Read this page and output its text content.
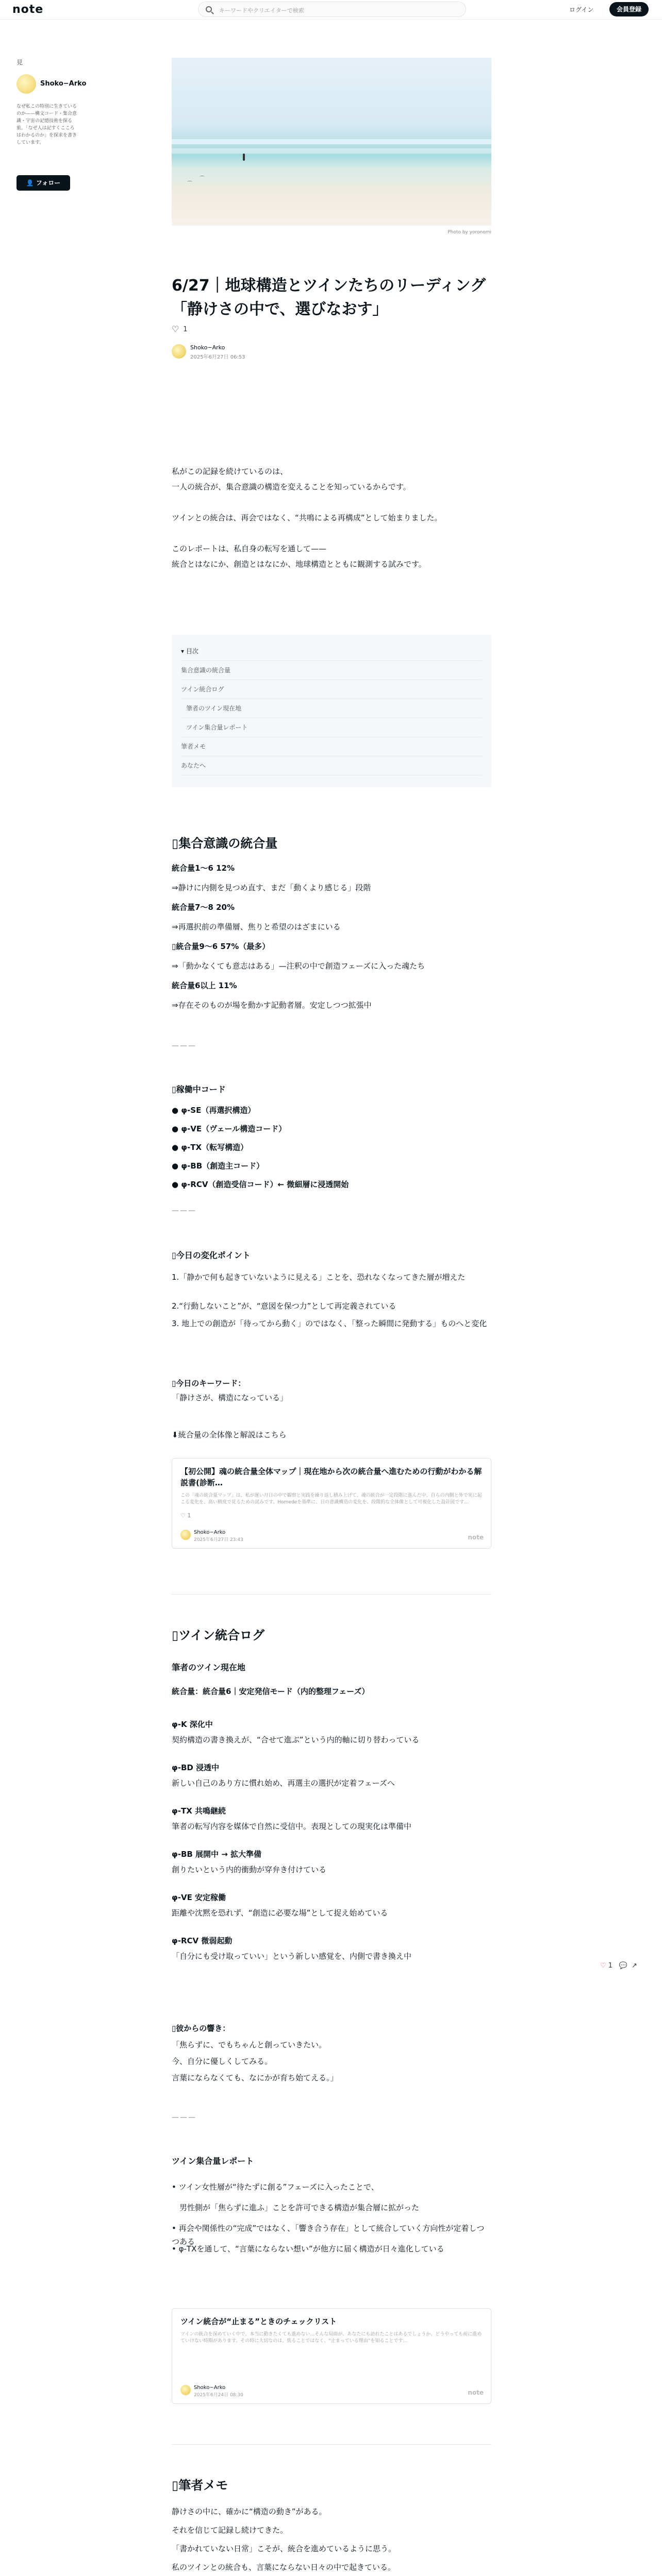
note	キーワードやクリエイターで検索	ログイン	会員登録
見
Shoko−Arko
なぜ私この特別に生きているのか——構文コード・集合意識・宇宙の記憶技術を探る旅。「なぜ人は記すくこころはわかるのか」を探求を書きしています。
👤 フォロー	⌒
⌒
Photo by yoronomi
6/27｜地球構造とツインたちのリーディング「静けさの中で、選びなおす」
♡  1
Shoko−Arko
2025年6月27日 06:53
私がこの記録を続けているのは、
一人の統合が、集合意識の構造を変えることを知っているからです。
ツインとの統合は、再会ではなく、“共鳴による再構成”として始まりました。
このレポートは、私自身の転写を通して——
統合とはなにか、創造とはなにか、地球構造とともに観測する試みです。
▾ 目次
集合意識の統合量
ツイン統合ログ
筆者のツイン現在地
ツイン集合量レポート
筆者メモ
あなたへ
▯集合意識の統合量
統合量1〜6 12%
⇒静けに内側を見つめ直す、まだ「動くより感じる」段階
統合量7〜8 20%
⇒再選択前の準備層、焦りと希望のはざまにいる
▯統合量9〜6 57%（最多）
⇒「動かなくても意志はある」—注釈の中で創造フェーズに入った魂たち
統合量6以上 11%
⇒存在そのものが場を動かす記動者層。安定しつつ拡張中
———
▯稼働中コード
● φ-SE（再選択構造）
● φ-VE（ヴェール構造コード）
● φ-TX（転写構造）
● φ-BB（創造主コード）
● φ-RCV（創造受信コード）← 微細層に浸透開始
———
▯今日の変化ポイント
1.「静かで何も起きていないように見える」ことを、恐れなくなってきた層が増えた
2.“行動しないこと”が、“意図を保つ力”として再定義されている
3. 地上での創造が「待ってから動く」のではなく、「整った瞬間に発動する」ものへと変化
▯今日のキーワード：
「静けさが、構造になっている」
⬇統合量の全体像と解説はこちら
【初公開】魂の統合量全体マップ｜現在地から次の統合量へ進むための行動がわかる解説書(診断…
この「魂の統合量マップ」は、私が運い月日の中で観察と実践を繰り返し積み上げて、魂の統合が一定段階に進んだ中、自らの内側と外で実に起こる変化を、高い精度で見るための試みです。Homedeを基準に、日の意識構造の変化を、段階的な全体像として可視化した設計図です…
♡ 1
Shoko−Arko
2025年6月27日 23:43	note
▯ツイン統合ログ
筆者のツイン現在地
統合量：統合量6｜安定発信モード（内的整理フェーズ）
φ-K 深化中
契約構造の書き換えが、“合せて進ぶ”という内的軸に切り替わっている
φ-BD 浸透中
新しい自己のあり方に慣れ始め、再選主の選択が定着フェーズへ
φ-TX 共鳴継続
筆者の転写内容を媒体で自然に受信中。表現としての現実化は準備中
φ-BB 展開中 → 拡大準備
創りたいという内的衝動が穿弁き付けている
φ-VE 安定稼働
距離や沈黙を恐れず、“創造に必要な場”として捉え始めている
φ-RCV 微弱起動
「自分にも受け取っていい」という新しい感覚を、内側で書き換え中
▯彼からの響き：
「焦らずに、でもちゃんと創っていきたい。
今、自分に優しくしてみる。
言葉にならなくても、なにかが育ち始てえる。」
———
ツイン集合量レポート
• ツイン女性層が“待たずに創る”フェーズに入ったことで、
　男性側が「焦らずに進ふ」ことを許可できる構造が集合層に拡がった
• 再会や関係性の“完成”ではなく、「響き合う存在」として統合していく方向性が定着しつつある
• φ-TXを通して、“言葉にならない想い”が他方に届く構造が日々進化している
ツイン統合が“止まる”ときのチェックリスト
ツインの統合を深めていく中で、本当に動きたくても進めない…そんな局面が、あなたにも訪れたことはあるでしょうか。どうやっても前に進めていけない時期があります。その時に大切なのは、焦ることではなく、“止まっている理由”を知ることです…
Shoko−Arko
2025年6月24日 08:30	note
▯筆者メモ
静けさの中に、確かに“構造の動き”がある。
それを信じて記録し続けてきた。
「書かれていない日常」こそが、統合を進めているように思う。
私のツインとの統合も、言葉にならない日々の中で起きている。

♡ 1 💬 ↗
